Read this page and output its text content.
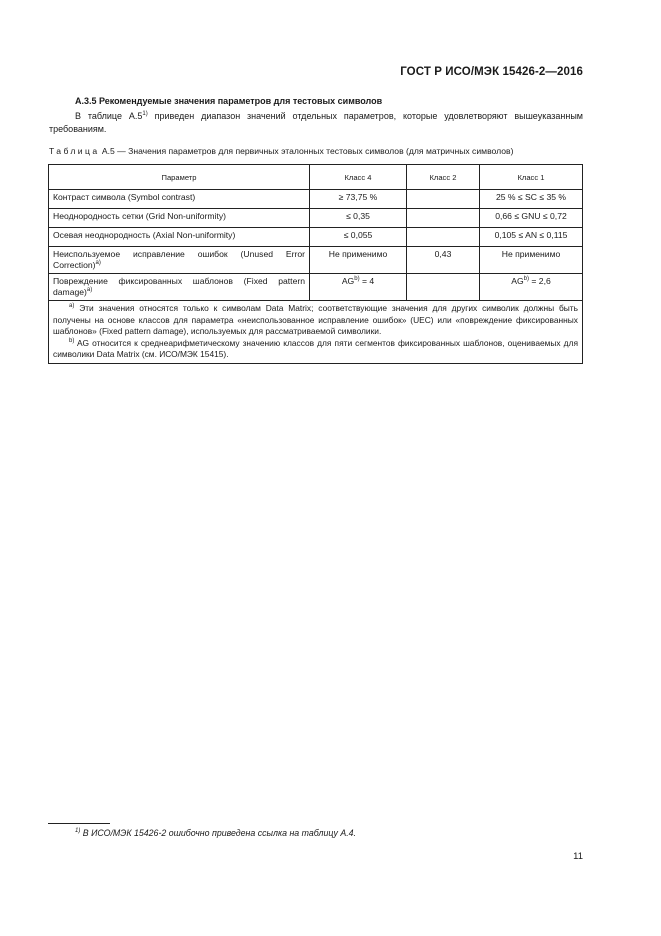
ГОСТ Р ИСО/МЭК 15426-2—2016
А.3.5 Рекомендуемые значения параметров для тестовых символов
В таблице А.5$^{1)}$ приведен диапазон значений отдельных параметров, которые удовлетворяют вышеуказанным требованиям.
Таблица А.5 — Значения параметров для первичных эталонных тестовых символов (для матричных символов)
Параметр	Класс 4	Класс 2	Класс 1
Контраст символа (Symbol contrast)	≥ 73,75 %		25 % ≤ SC ≤ 35 %
Неоднородность сетки (Grid Non-uniformity)	≤ 0,35		0,66 ≤ GNU ≤ 0,72
Осевая неоднородность (Axial Non-uniformity)	≤ 0,055		0,105 ≤ AN ≤ 0,115
Неиспользуемое исправление ошибок (Unused Error Correction)$^{a)}$	Не применимо	0,43	Не применимо
Повреждение фиксированных шаблонов (Fixed pattern damage)$^{a)}$	$AG^{b)} = 4$		$AG^{b)} = 2,6$

$^{a)}$ Эти значения относятся только к символам Data Matrix; соответствующие значения для других символик должны быть получены на основе классов для параметра «неиспользованное исправление ошибок» (UEC) или «повреждение фиксированных шаблонов» (Fixed pattern damage), используемых для рассматриваемой символики.
$^{b)}$ AG относится к среднеарифметическому значению классов для пяти сегментов фиксированных шаблонов, оцениваемых для символики Data Matrix (см. ИСО/МЭК 15415).			
$^{1)}$ В ИСО/МЭК 15426-2 ошибочно приведена ссылка на таблицу А.4.
11
